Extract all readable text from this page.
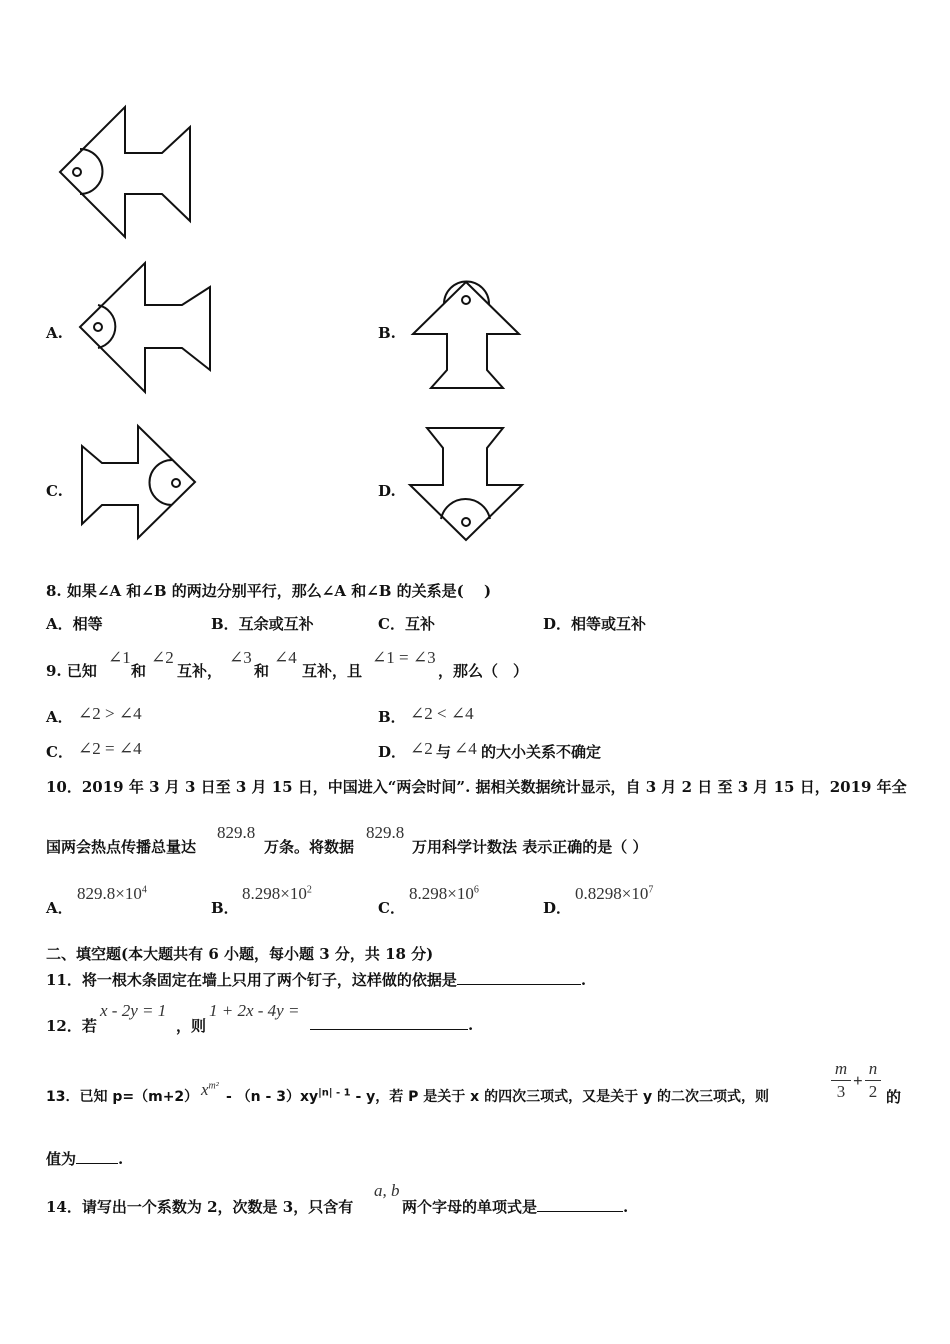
A.	B.
C.	D.
8. 如果∠A 和∠B 的两边分别平行，那么∠A 和∠B 的关系是(　 )
A．相等	B．互余或互补	C．互补	D．相等或互补
9. 已知
∠1
和
∠2
互补，
∠3
和
∠4
互补，且
∠1 = ∠3
，那么（　）
A． ∠2 > ∠4	B． ∠2 < ∠4
C． ∠2 = ∠4	D． ∠2 与 ∠4 的大小关系不确定
10．2019 年 3 月 3 日至 3 月 15 日，中国进入“两会时间”. 据相关数据统计显示，自 3 月 2 日 至 3 月 15 日，2019 年全
国两会热点传播总量达
829.8
万条。将数据
829.8
万用科学计数法 表示正确的是（ ）
A．
$829.8\times 10^4$
B．
$8.298\times 10^2$
C．
$8.298\times 10^6$
D．
$0.8298\times 10^7$
二、填空题(本大题共有 6 小题，每小题 3 分，共 18 分)
11．将一根木条固定在墙上只用了两个钉子，这样做的依据是	.
12．若
x - 2y = 1
，则
1 + 2x - 4y =
.
13．已知 p=（m+2） $x^{m^2}$
- $(n - 3)xy^{|n| - 1}$ - y，若 P 是关于 x 的四次三项式，又是关于 y 的二次三项式，则
m
3
+
n
2 的
值为	.
14．请写出一个系数为 2，次数是 3，只含有
a, b
两个字母的单项式是	.
